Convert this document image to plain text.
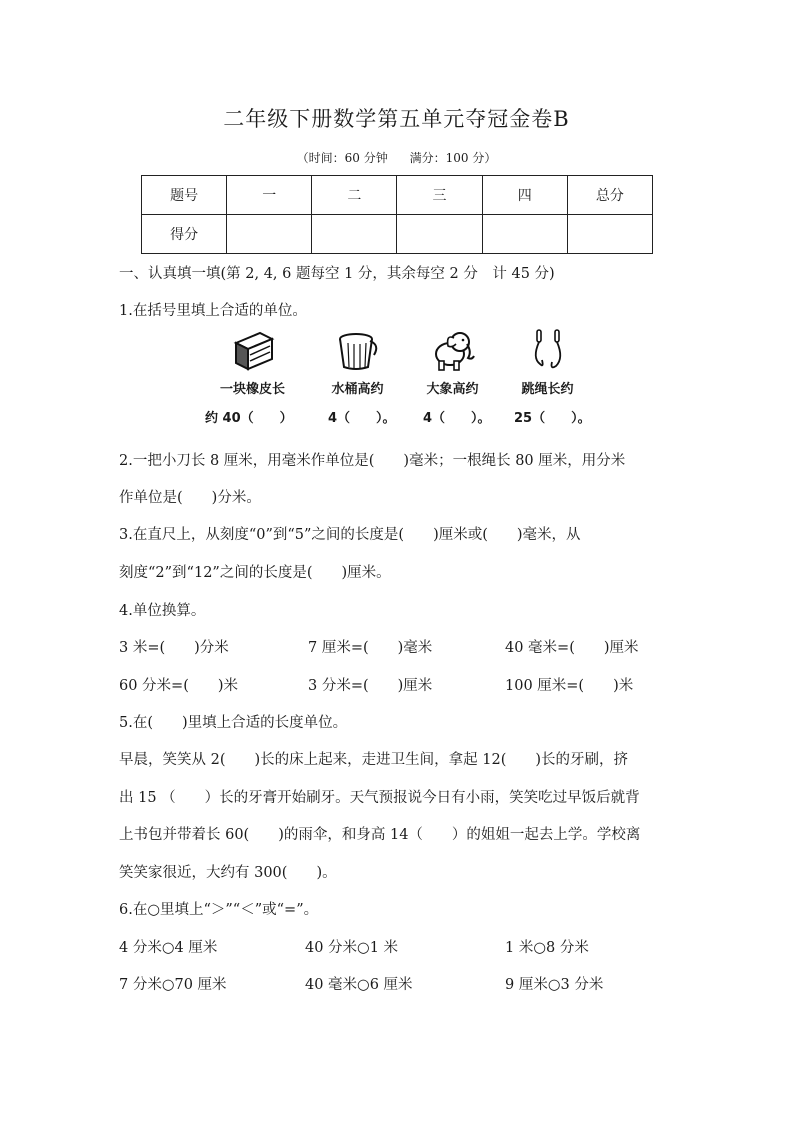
二年级下册数学第五单元夺冠金卷B
（时间：60 分钟 满分：100 分）
题号	一	二	三	四	总分
得分					
一、认真填一填(第 2, 4, 6 题每空 1 分，其余每空 2 分　计 45 分)
1.在括号里填上合适的单位。
一块橡皮长
约 40（　　）
水桶高约
4（　　）。
大象高约
4（　　）。
跳绳长约
25（　　）。
2.一把小刀长 8 厘米，用毫米作单位是(　　)毫米；一根绳长 80 厘米，用分米
作单位是(　　)分米。
3.在直尺上，从刻度“0”到“5”之间的长度是(　　)厘米或(　　)毫米，从
刻度“2”到“12”之间的长度是(　　)厘米。
4.单位换算。
3 米=(　　)分米	7 厘米=(　　)毫米	40 毫米=(　　)厘米
60 分米=(　　)米	3 分米=(　　)厘米	100 厘米=(　　)米
5.在(　　)里填上合适的长度单位。
早晨，笑笑从 2(　　)长的床上起来，走进卫生间，拿起 12(　　)长的牙刷，挤
出 15 （　　）长的牙膏开始刷牙。天气预报说今日有小雨，笑笑吃过早饭后就背
上书包并带着长 60(　　)的雨伞，和身高 14（　　）的姐姐一起去上学。学校离
笑笑家很近，大约有 300(　　)。
6.在○里填上“＞”“＜”或“=”。
4 分米○4 厘米	40 分米○1 米	1 米○8 分米
7 分米○70 厘米	40 毫米○6 厘米	9 厘米○3 分米
